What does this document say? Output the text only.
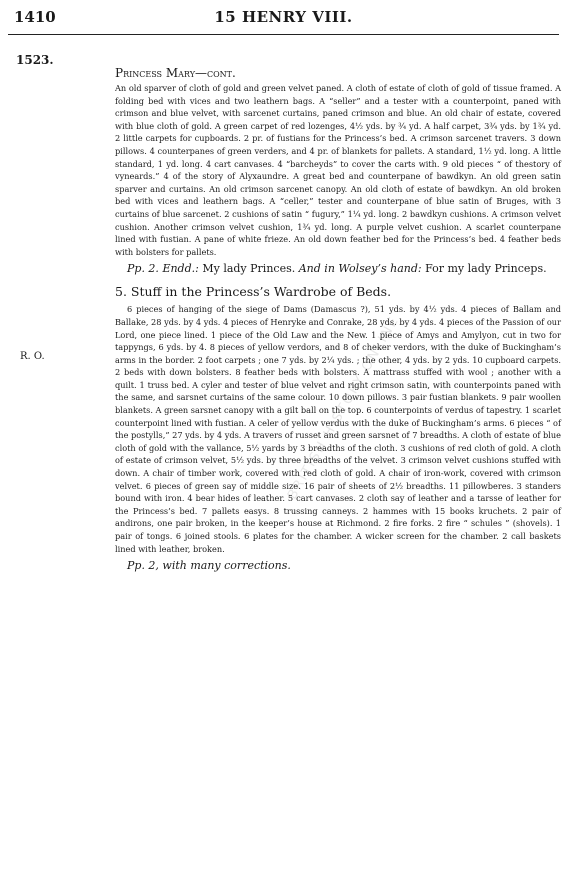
1410	15 HENRY VIII.
1523.
R. O.	BRITISH HISTORY ONLINE
Princess Mary—cont.

An old sparver of cloth of gold and green velvet paned. A cloth of estate of cloth of gold of tissue framed. A folding bed with vices and two leathern bags. A “seller” and a tester with a counterpoint, paned with crimson and blue velvet, with sarcenet curtains, paned crimson and blue. An old chair of estate, covered with blue cloth of gold. A green carpet of red lozenges, 4½ yds. by ¾ yd. A half carpet, 3¾ yds. by 1¾ yd. 2 little carpets for cupboards. 2 pr. of fustians for the Princess’s bed. A crimson sarcenet travers. 3 down pillows. 4 counterpanes of green verders, and 4 pr. of blankets for pallets. A standard, 1½ yd. long. A little standard, 1 yd. long. 4 cart canvases. 4 “barcheyds” to cover the carts with. 9 old pieces “ of thestory of vyneards.” 4 of the story of Alyxaundre. A great bed and counterpane of bawdkyn. An old green satin sparver and curtains. An old crimson sarcenet canopy. An old cloth of estate of bawdkyn. An old broken bed with vices and leathern bags. A “celler,” tester and counterpane of blue satin of Bruges, with 3 curtains of blue sarcenet. 2 cushions of satin “ fugury,” 1¼ yd. long. 2 bawdkyn cushions. A crimson velvet cushion. Another crimson velvet cushion, 1¾ yd. long. A purple velvet cushion. A scarlet counterpane lined with fustian. A pane of white frieze. An old down feather bed for the Princess’s bed. 4 feather beds with bolsters for pallets.

Pp. 2. Endd.: My lady Princes. And in Wolsey’s hand: For my lady Princeps.

5. Stuff in the Princess’s Wardrobe of Beds.

6 pieces of hanging of the siege of Dams (Damascus ?), 51 yds. by 4½ yds. 4 pieces of Ballam and Ballake, 28 yds. by 4 yds. 4 pieces of Henryke and Conrake, 28 yds. by 4 yds. 4 pieces of the Passion of our Lord, one piece lined. 1 piece of the Old Law and the New. 1 piece of Amys and Amylyon, cut in two for tappyngs, 6 yds. by 4. 8 pieces of yellow verdors, and 8 of cheker verdors, with the duke of Buckingham’s arms in the border. 2 foot carpets ; one 7 yds. by 2¼ yds. ; the other, 4 yds. by 2 yds. 10 cupboard carpets. 2 beds with down bolsters. 8 feather beds with bolsters. A mattrass stuffed with wool ; another with a quilt. 1 truss bed. A cyler and tester of blue velvet and right crimson satin, with counterpoints paned with the same, and sarsnet curtains of the same colour. 10 down pillows. 3 pair fustian blankets. 9 pair woollen blankets. A green sarsnet canopy with a gilt ball on the top. 6 counterpoints of verdus of tapestry. 1 scarlet counterpoint lined with fustian. A celer of yellow verdus with the duke of Buckingham’s arms. 6 pieces “ of the postylls,” 27 yds. by 4 yds. A travers of russet and green sarsnet of 7 breadths. A cloth of estate of blue cloth of gold with the vallance, 5½ yards by 3 breadths of the cloth. 3 cushions of red cloth of gold. A cloth of estate of crimson velvet, 5½ yds. by three breadths of the velvet. 3 crimson velvet cushions stuffed with down. A chair of timber work, covered with red cloth of gold. A chair of iron-work, covered with crimson velvet. 6 pieces of green say of middle size. 16 pair of sheets of 2½ breadths. 11 pillowberes. 3 standers bound with iron. 4 bear hides of leather. 5 cart canvases. 2 cloth say of leather and a tarsse of leather for the Princess’s bed. 7 pallets easys. 8 trussing canneys. 2 hammes with 15 books kruchets. 2 pair of andirons, one pair broken, in the keeper’s house at Richmond. 2 fire forks. 2 fire “ schules ” (shovels). 1 pair of tongs. 6 joined stools. 6 plates for the chamber. A wicker screen for the chamber. 2 call baskets lined with leather, broken.

Pp. 2, with many corrections.
